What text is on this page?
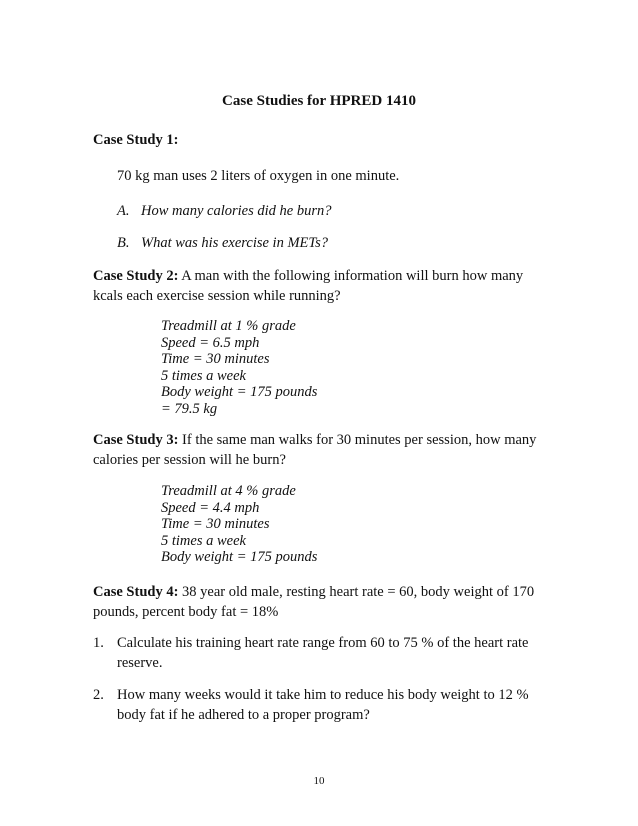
Case Studies for HPRED 1410
Case Study 1:
70 kg man uses 2 liters of oxygen in one minute.
A. How many calories did he burn?
B. What was his exercise in METs?
Case Study 2: A man with the following information will burn how many kcals each exercise session while running?
Treadmill at 1 % grade
Speed = 6.5 mph
Time = 30 minutes
5 times a week
Body weight = 175 pounds
= 79.5 kg
Case Study 3: If the same man walks for 30 minutes per session, how many calories per session will he burn?
Treadmill at 4 % grade
Speed = 4.4 mph
Time = 30 minutes
5 times a week
Body weight = 175 pounds
Case Study 4: 38 year old male, resting heart rate = 60, body weight of 170 pounds, percent body fat = 18%
1. Calculate his training heart rate range from 60 to 75 % of the heart rate reserve.
2. How many weeks would it take him to reduce his body weight to 12 % body fat if he adhered to a proper program?
10
